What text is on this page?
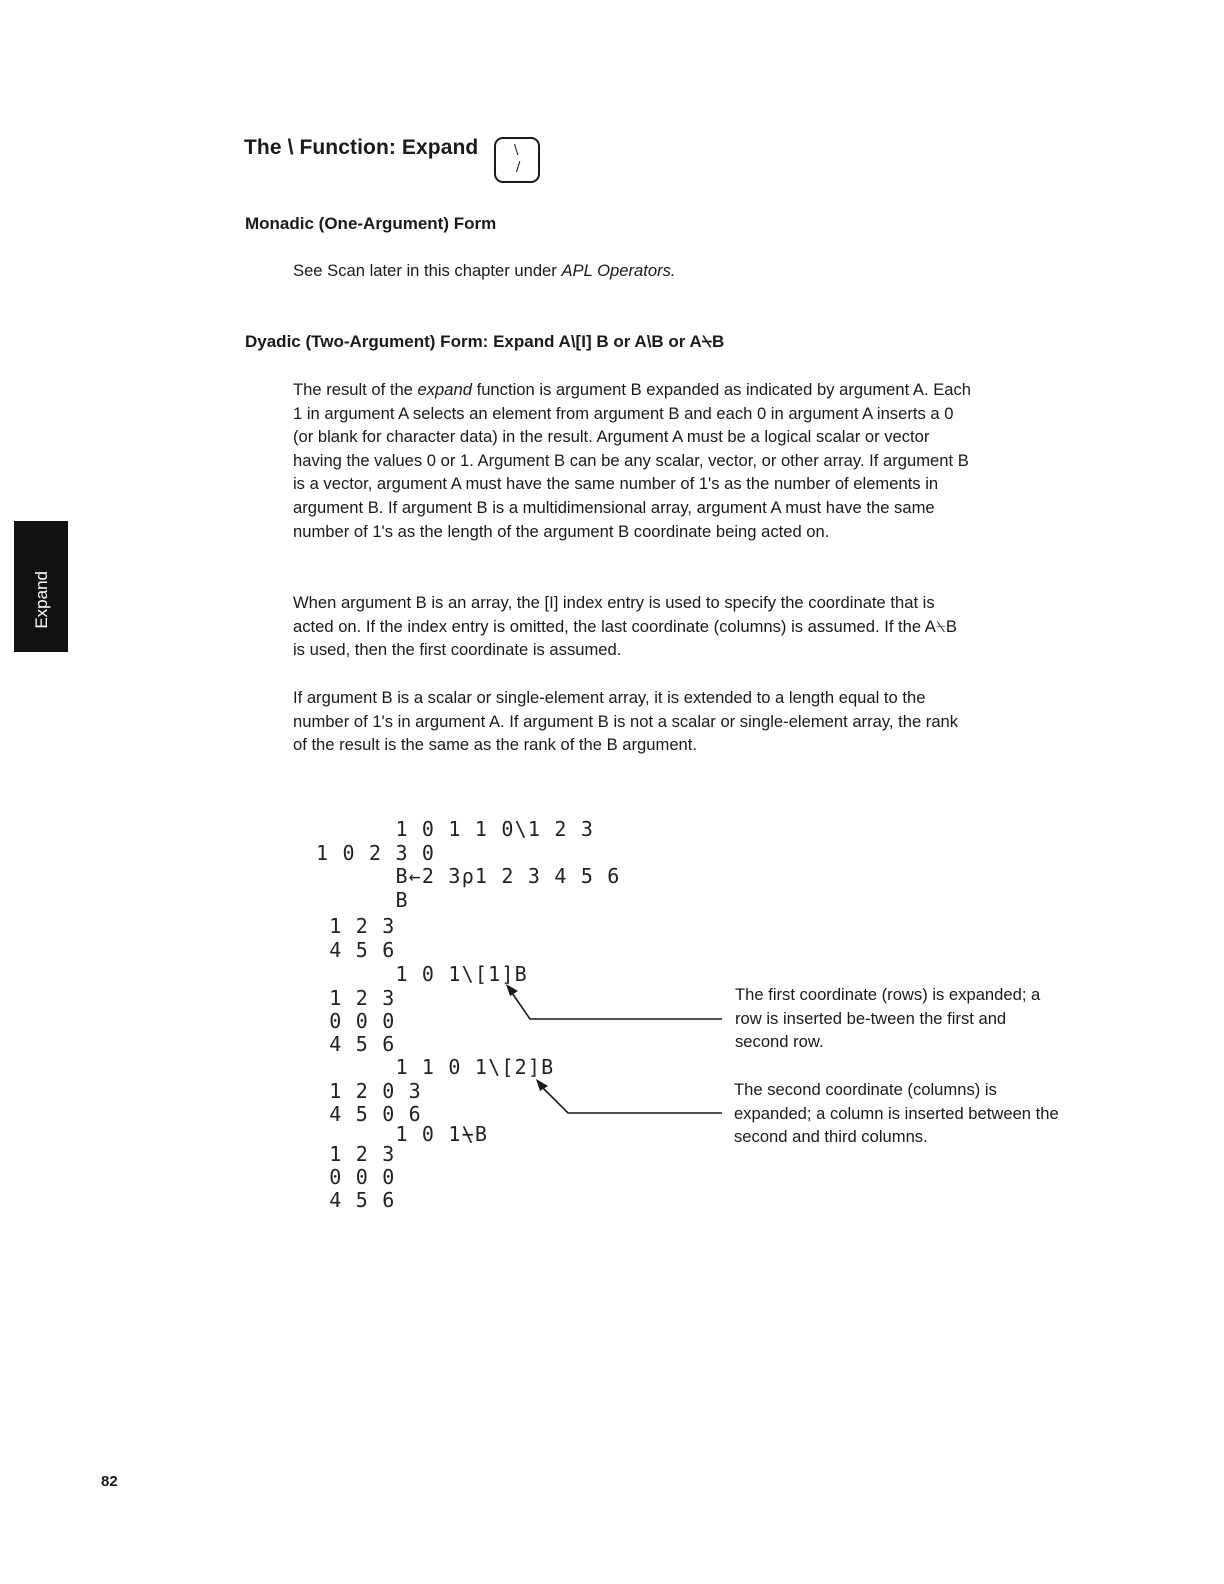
The \ Function: Expand	\
/
Monadic (One-Argument) Form

See Scan later in this chapter under APL Operators.

Dyadic (Two-Argument) Form: Expand A\[I] B or A\B or A⍀B

The result of the expand function is argument B expanded as indicated by argument A. Each 1 in argument A selects an element from argument B and each 0 in argument A inserts a 0 (or blank for character data) in the result. Argument A must be a logical scalar or vector having the values 0 or 1. Argument B can be any scalar, vector, or other array. If argument B is a vector, argument A must have the same number of 1's as the number of elements in argument B. If argument B is a multidimensional array, argument A must have the same number of 1's as the length of the argument B coordinate being acted on.

When argument B is an array, the [I] index entry is used to specify the coordinate that is acted on. If the index entry is omitted, the last coordinate (columns) is assumed. If the A⍀B is used, then the first coordinate is assumed.

If argument B is a scalar or single-element array, it is extended to a length equal to the number of 1's in argument A. If argument B is not a scalar or single-element array, the rank of the result is the same as the rank of the B argument.

Expand
1 0 1 1 0\1 2 3
1 0 2 3 0
B←2 3⍴1 2 3 4 5 6
B
1 2 3
4 5 6
1 0 1\[1]B
1 2 3
0 0 0
4 5 6
1 1 0 1\[2]B
1 2 0 3
4 5 0 6
1 0 1⍀B
1 2 3
0 0 0
4 5 6
The first coordinate (rows) is expanded; a row is inserted be-tween the first and second row.
The second coordinate (columns) is expanded; a column is inserted between the second and third columns.
82
